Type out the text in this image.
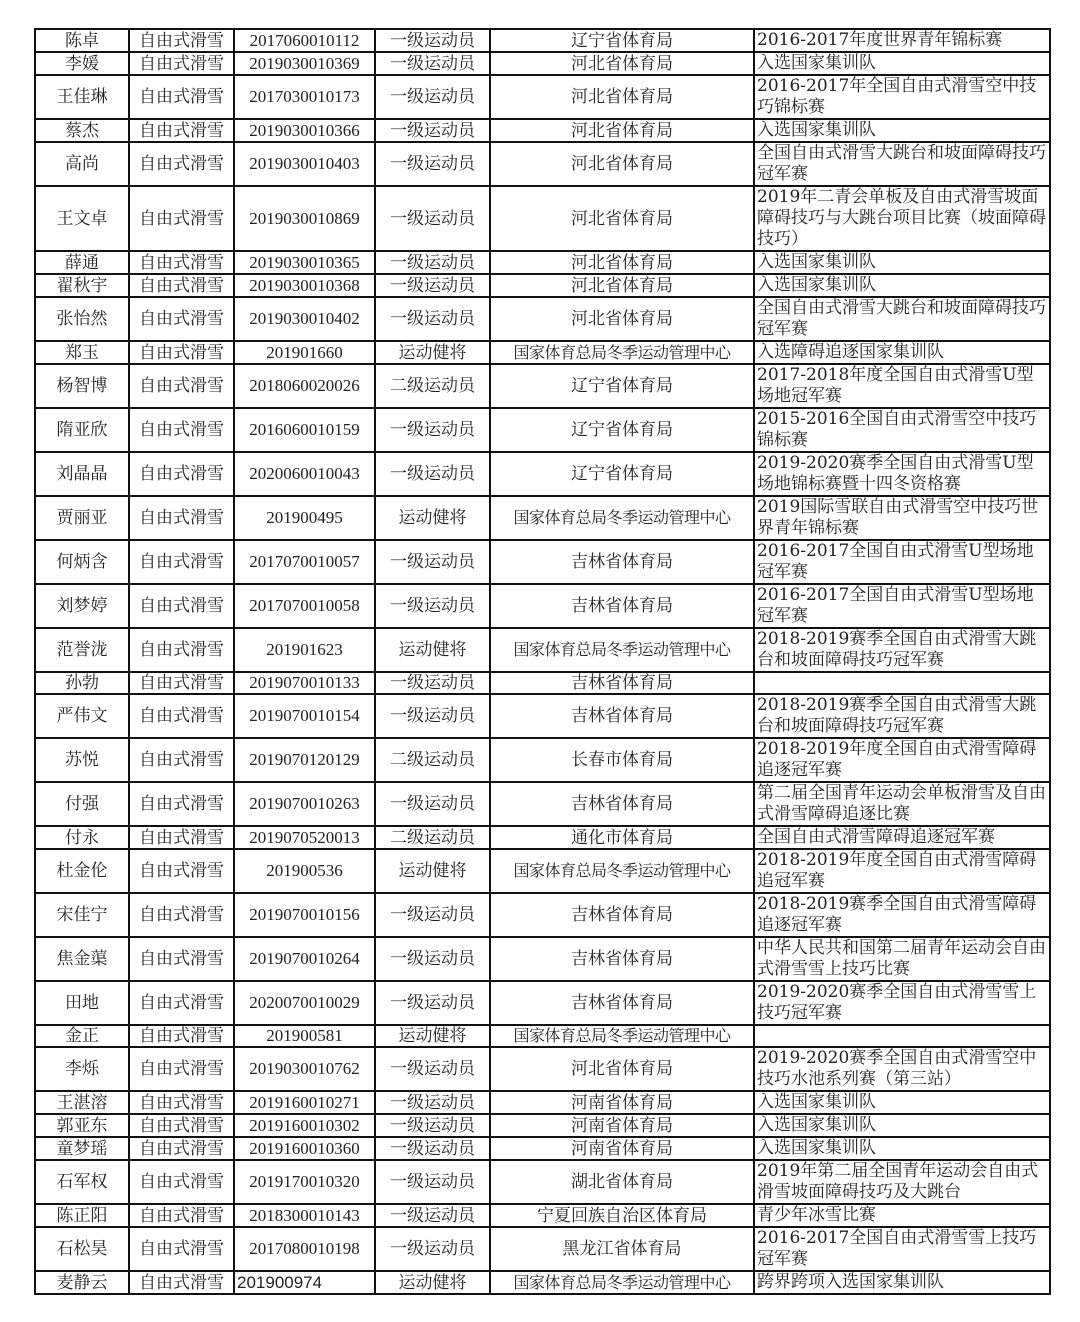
陈卓	自由式滑雪	2017060010112	一级运动员	辽宁省体育局	2016-2017年度世界青年锦标赛
李媛	自由式滑雪	2019030010369	一级运动员	河北省体育局	入选国家集训队
王佳琳	自由式滑雪	2017030010173	一级运动员	河北省体育局	2016-2017年全国自由式滑雪空中技巧锦标赛
蔡杰	自由式滑雪	2019030010366	一级运动员	河北省体育局	入选国家集训队
高尚	自由式滑雪	2019030010403	一级运动员	河北省体育局	全国自由式滑雪大跳台和坡面障碍技巧冠军赛
王文卓	自由式滑雪	2019030010869	一级运动员	河北省体育局	2019年二青会单板及自由式滑雪坡面障碍技巧与大跳台项目比赛（坡面障碍技巧）
薛通	自由式滑雪	2019030010365	一级运动员	河北省体育局	入选国家集训队
翟秋宇	自由式滑雪	2019030010368	一级运动员	河北省体育局	入选国家集训队
张怡然	自由式滑雪	2019030010402	一级运动员	河北省体育局	全国自由式滑雪大跳台和坡面障碍技巧冠军赛
郑玉	自由式滑雪	201901660	运动健将	国家体育总局冬季运动管理中心	入选障碍追逐国家集训队
杨智博	自由式滑雪	2018060020026	二级运动员	辽宁省体育局	2017-2018年度全国自由式滑雪U型场地冠军赛
隋亚欣	自由式滑雪	2016060010159	一级运动员	辽宁省体育局	2015-2016全国自由式滑雪空中技巧锦标赛
刘晶晶	自由式滑雪	2020060010043	一级运动员	辽宁省体育局	2019-2020赛季全国自由式滑雪U型场地锦标赛暨十四冬资格赛
贾丽亚	自由式滑雪	201900495	运动健将	国家体育总局冬季运动管理中心	2019国际雪联自由式滑雪空中技巧世界青年锦标赛
何炳含	自由式滑雪	2017070010057	一级运动员	吉林省体育局	2016-2017全国自由式滑雪U型场地冠军赛
刘梦婷	自由式滑雪	2017070010058	一级运动员	吉林省体育局	2016-2017全国自由式滑雪U型场地冠军赛
范誉泷	自由式滑雪	201901623	运动健将	国家体育总局冬季运动管理中心	2018-2019赛季全国自由式滑雪大跳台和坡面障碍技巧冠军赛
孙勃	自由式滑雪	2019070010133	一级运动员	吉林省体育局	
严伟文	自由式滑雪	2019070010154	一级运动员	吉林省体育局	2018-2019赛季全国自由式滑雪大跳台和坡面障碍技巧冠军赛
苏悦	自由式滑雪	2019070120129	二级运动员	长春市体育局	2018-2019年度全国自由式滑雪障碍追逐冠军赛
付强	自由式滑雪	2019070010263	一级运动员	吉林省体育局	第二届全国青年运动会单板滑雪及自由式滑雪障碍追逐比赛
付永	自由式滑雪	2019070520013	二级运动员	通化市体育局	全国自由式滑雪障碍追逐冠军赛
杜金伦	自由式滑雪	201900536	运动健将	国家体育总局冬季运动管理中心	2018-2019年度全国自由式滑雪障碍追冠军赛
宋佳宁	自由式滑雪	2019070010156	一级运动员	吉林省体育局	2018-2019赛季全国自由式滑雪障碍追逐冠军赛
焦金蕖	自由式滑雪	2019070010264	一级运动员	吉林省体育局	中华人民共和国第二届青年运动会自由式滑雪雪上技巧比赛
田地	自由式滑雪	2020070010029	一级运动员	吉林省体育局	2019-2020赛季全国自由式滑雪雪上技巧冠军赛
金正	自由式滑雪	201900581	运动健将	国家体育总局冬季运动管理中心	
李烁	自由式滑雪	2019030010762	一级运动员	河北省体育局	2019-2020赛季全国自由式滑雪空中技巧水池系列赛（第三站）
王湛溶	自由式滑雪	2019160010271	一级运动员	河南省体育局	入选国家集训队
郭亚东	自由式滑雪	2019160010302	一级运动员	河南省体育局	入选国家集训队
童梦瑶	自由式滑雪	2019160010360	一级运动员	河南省体育局	入选国家集训队
石军权	自由式滑雪	2019170010320	一级运动员	湖北省体育局	2019年第二届全国青年运动会自由式滑雪坡面障碍技巧及大跳台
陈正阳	自由式滑雪	2018300010143	一级运动员	宁夏回族自治区体育局	青少年冰雪比赛
石松昊	自由式滑雪	2017080010198	一级运动员	黑龙江省体育局	2016-2017全国自由式滑雪雪上技巧冠军赛
麦静云	自由式滑雪	201900974	运动健将	国家体育总局冬季运动管理中心	跨界跨项入选国家集训队
